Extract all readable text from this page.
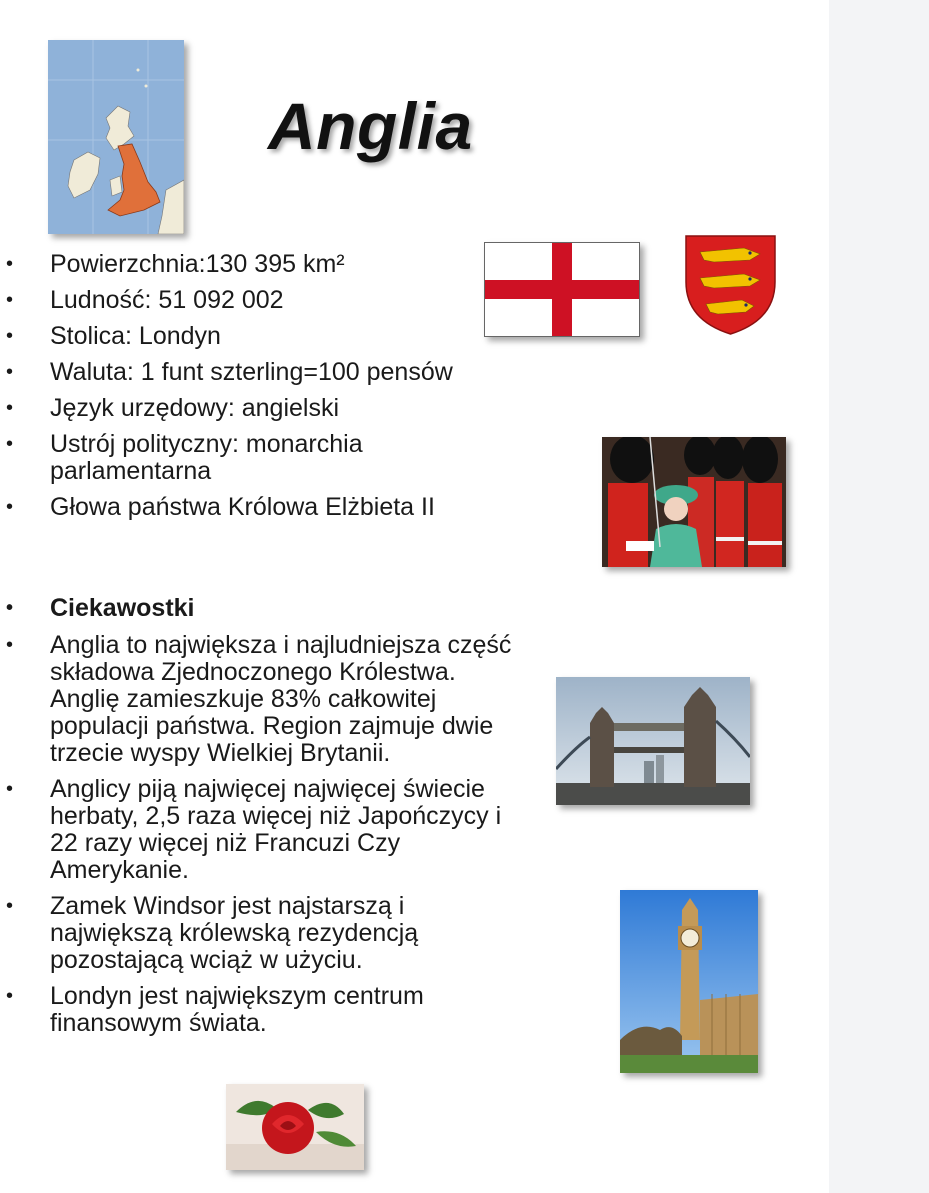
Anglia
• Powierzchnia:130 395 km²
• Ludność: 51 092 002
• Stolica: Londyn
• Waluta: 1 funt szterling=100 pensów
• Język urzędowy: angielski
• Ustrój polityczny: monarchia parlamentarna
• Głowa państwa Królowa Elżbieta II
• Ciekawostki
• Anglia to największa i najludniejsza część składowa Zjednoczonego Królestwa. Anglię zamieszkuje 83% całkowitej populacji państwa. Region zajmuje dwie trzecie wyspy Wielkiej Brytanii.
• Anglicy piją najwięcej najwięcej świecie herbaty, 2,5 raza więcej niż Japończycy i 22 razy więcej niż Francuzi Czy Amerykanie.
• Zamek Windsor jest najstarszą i największą królewską rezydencją pozostającą wciąż w użyciu.
• Londyn jest największym centrum finansowym świata.
